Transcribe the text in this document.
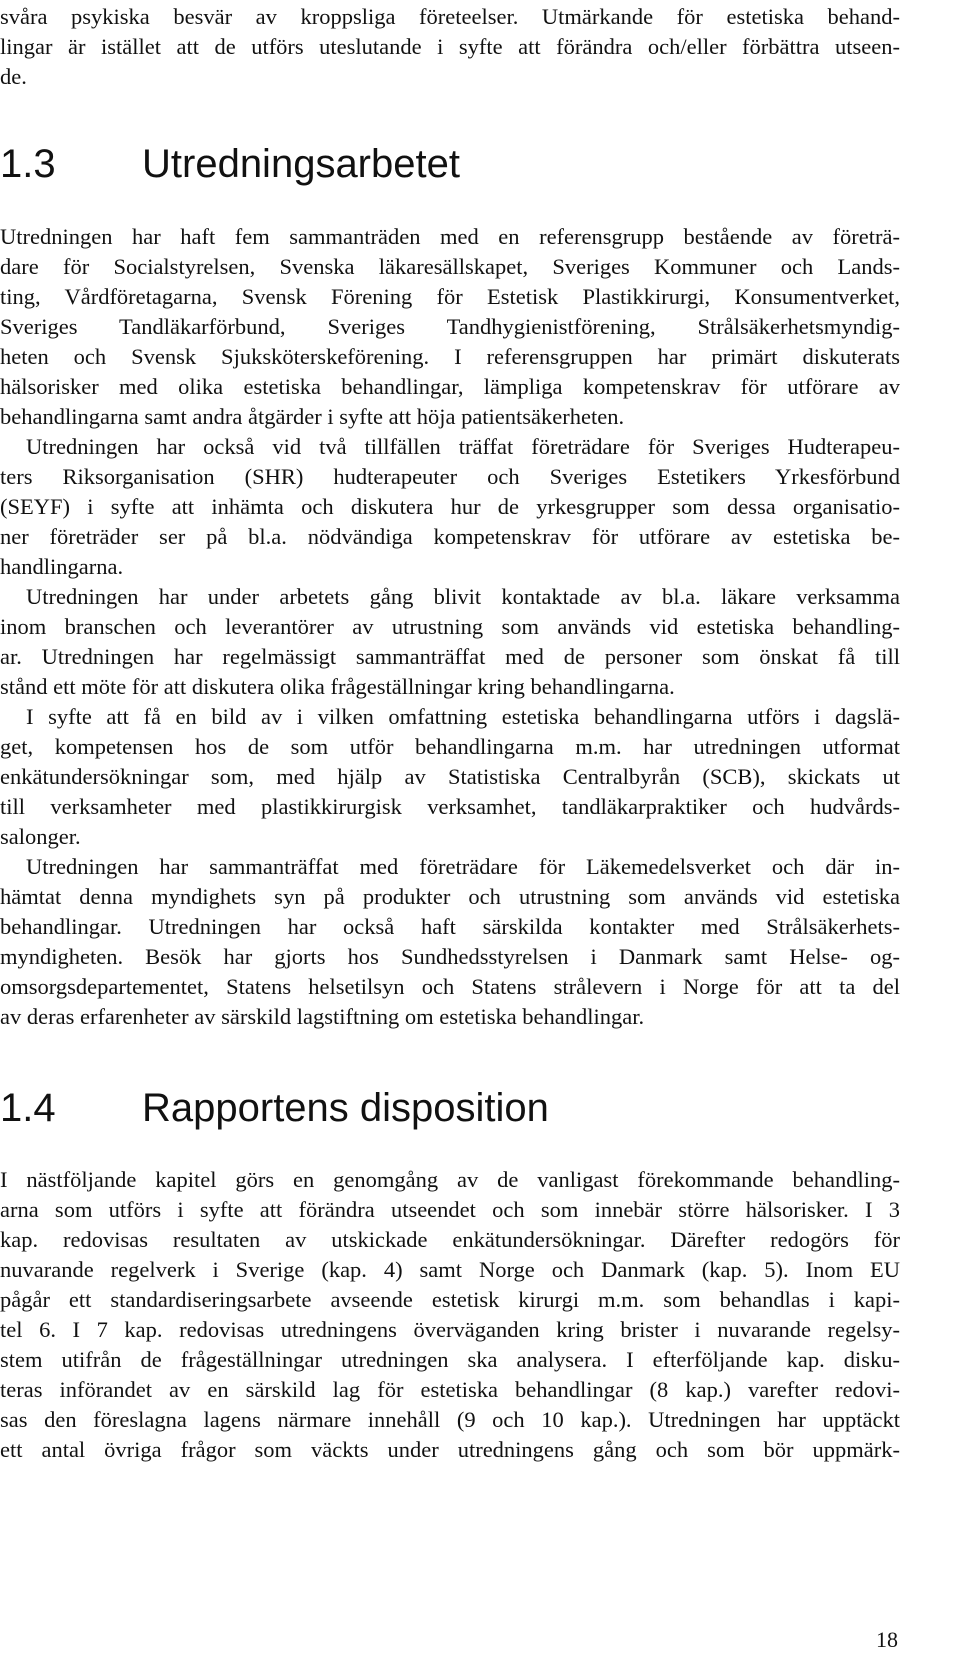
svåra psykiska besvär av kroppsliga företeelser. Utmärkande för estetiska behand-
lingar är istället att de utförs uteslutande i syfte att förändra och/eller förbättra utseen-
de.
1.3 Utredningsarbetet
Utredningen har haft fem sammanträden med en referensgrupp bestående av företrä-
dare för Socialstyrelsen, Svenska läkaresällskapet, Sveriges Kommuner och Lands-
ting, Vårdföretagarna, Svensk Förening för Estetisk Plastikkirurgi, Konsumentverket,
Sveriges Tandläkarförbund, Sveriges Tandhygienistförening, Strålsäkerhetsmyndig-
heten och Svensk Sjuksköterskeförening. I referensgruppen har primärt diskuterats
hälsorisker med olika estetiska behandlingar, lämpliga kompetenskrav för utförare av
behandlingarna samt andra åtgärder i syfte att höja patientsäkerheten.
Utredningen har också vid två tillfällen träffat företrädare för Sveriges Hudterapeu-
ters Riksorganisation (SHR) hudterapeuter och Sveriges Estetikers Yrkesförbund
(SEYF) i syfte att inhämta och diskutera hur de yrkesgrupper som dessa organisatio-
ner företräder ser på bl.a. nödvändiga kompetenskrav för utförare av estetiska be-
handlingarna.
Utredningen har under arbetets gång blivit kontaktade av bl.a. läkare verksamma
inom branschen och leverantörer av utrustning som används vid estetiska behandling-
ar. Utredningen har regelmässigt sammanträffat med de personer som önskat få till
stånd ett möte för att diskutera olika frågeställningar kring behandlingarna.
I syfte att få en bild av i vilken omfattning estetiska behandlingarna utförs i dagslä-
get, kompetensen hos de som utför behandlingarna m.m. har utredningen utformat
enkätundersökningar som, med hjälp av Statistiska Centralbyrån (SCB), skickats ut
till verksamheter med plastikkirurgisk verksamhet, tandläkarpraktiker och hudvårds-
salonger.
Utredningen har sammanträffat med företrädare för Läkemedelsverket och där in-
hämtat denna myndighets syn på produkter och utrustning som används vid estetiska
behandlingar. Utredningen har också haft särskilda kontakter med Strålsäkerhets-
myndigheten. Besök har gjorts hos Sundhedsstyrelsen i Danmark samt Helse- og-
omsorgsdepartementet, Statens helsetilsyn och Statens strålevern i Norge för att ta del
av deras erfarenheter av särskild lagstiftning om estetiska behandlingar.
1.4 Rapportens disposition
I nästföljande kapitel görs en genomgång av de vanligast förekommande behandling-
arna som utförs i syfte att förändra utseendet och som innebär större hälsorisker. I 3
kap. redovisas resultaten av utskickade enkätundersökningar. Därefter redogörs för
nuvarande regelverk i Sverige (kap. 4) samt Norge och Danmark (kap. 5). Inom EU
pågår ett standardiseringsarbete avseende estetisk kirurgi m.m. som behandlas i kapi-
tel 6. I 7 kap. redovisas utredningens överväganden kring brister i nuvarande regelsy-
stem utifrån de frågeställningar utredningen ska analysera. I efterföljande kap. disku-
teras införandet av en särskild lag för estetiska behandlingar (8 kap.) varefter redovi-
sas den föreslagna lagens närmare innehåll (9 och 10 kap.). Utredningen har upptäckt
ett antal övriga frågor som väckts under utredningens gång och som bör uppmärk-
18
